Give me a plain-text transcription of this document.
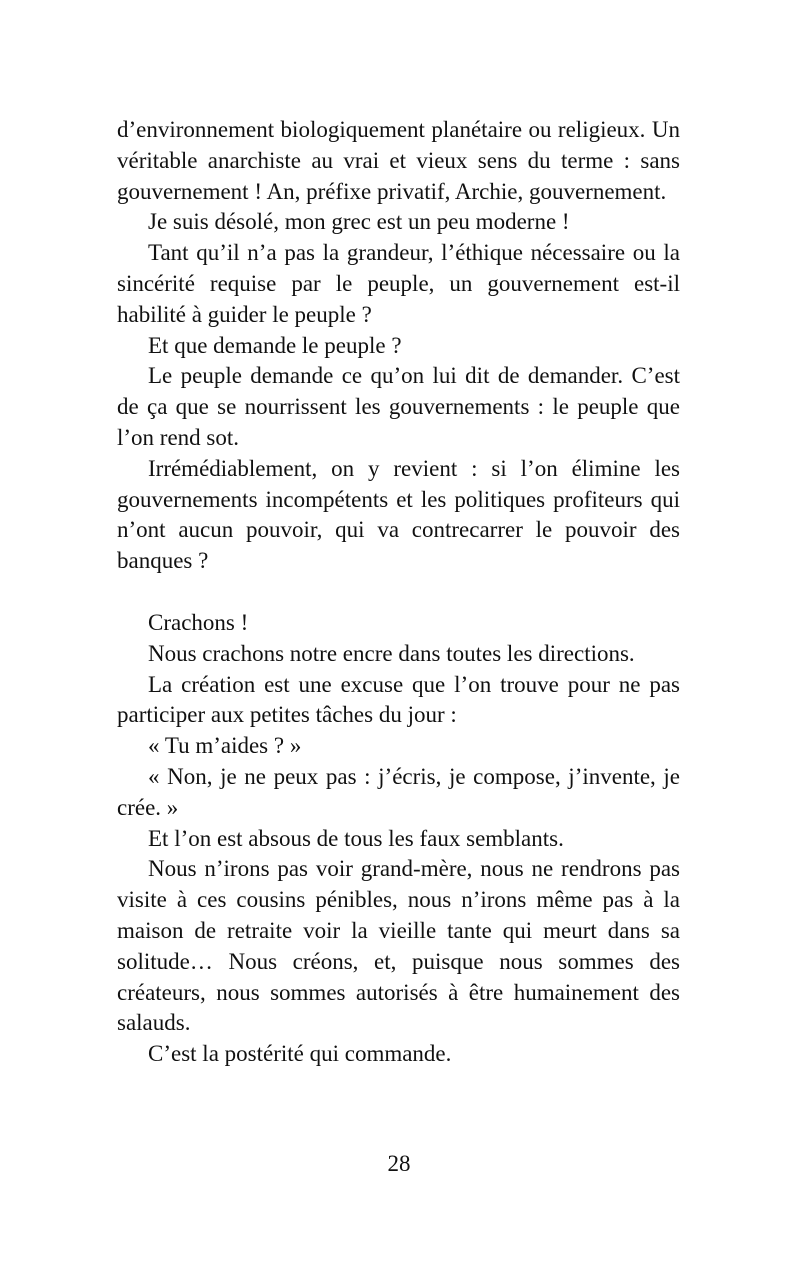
d’environnement biologiquement planétaire ou religieux. Un véritable anarchiste au vrai et vieux sens du terme : sans gouvernement ! An, préfixe privatif, Archie, gouvernement.

Je suis désolé, mon grec est un peu moderne !

Tant qu’il n’a pas la grandeur, l’éthique nécessaire ou la sincérité requise par le peuple, un gouvernement est-il habilité à guider le peuple ?

Et que demande le peuple ?

Le peuple demande ce qu’on lui dit de demander. C’est de ça que se nourrissent les gouvernements : le peuple que l’on rend sot.

Irrémédiablement, on y revient : si l’on élimine les gouvernements incompétents et les politiques profiteurs qui n’ont aucun pouvoir, qui va contrecarrer le pouvoir des banques ?

Crachons !

Nous crachons notre encre dans toutes les directions.

La création est une excuse que l’on trouve pour ne pas participer aux petites tâches du jour :

« Tu m’aides ? »

« Non, je ne peux pas : j’écris, je compose, j’invente, je crée. »

Et l’on est absous de tous les faux semblants.

Nous n’irons pas voir grand-mère, nous ne rendrons pas visite à ces cousins pénibles, nous n’irons même pas à la maison de retraite voir la vieille tante qui meurt dans sa solitude… Nous créons, et, puisque nous sommes des créateurs, nous sommes autorisés à être humainement des salauds.

C’est la postérité qui commande.

28
